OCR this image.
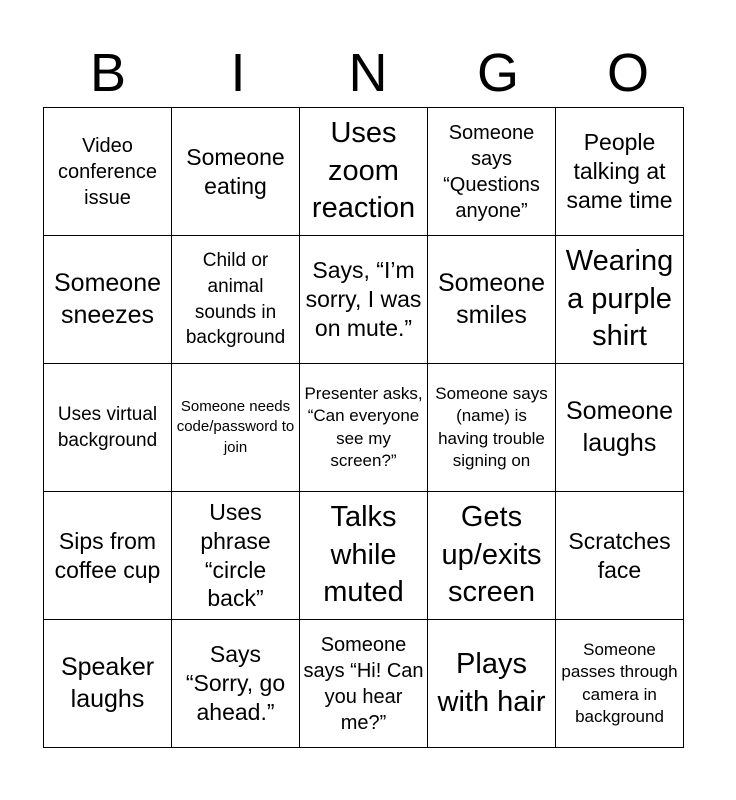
B	I	N	G	O
Video conference issue	Someone eating	Uses zoom reaction	Someone says “Questions anyone”	People talking at same time
Someone sneezes	Child or animal sounds in background	Says, “I’m sorry, I was on mute.”	Someone smiles	Wearing a purple shirt
Uses virtual background	Someone needs code/password to join	Presenter asks, “Can everyone see my screen?”	Someone says (name) is having trouble signing on	Someone laughs
Sips from coffee cup	Uses phrase “circle back”	Talks while muted	Gets up/exits screen	Scratches face
Speaker laughs	Says “Sorry, go ahead.”	Someone says “Hi! Can you hear me?”	Plays with hair	Someone passes through camera in background
